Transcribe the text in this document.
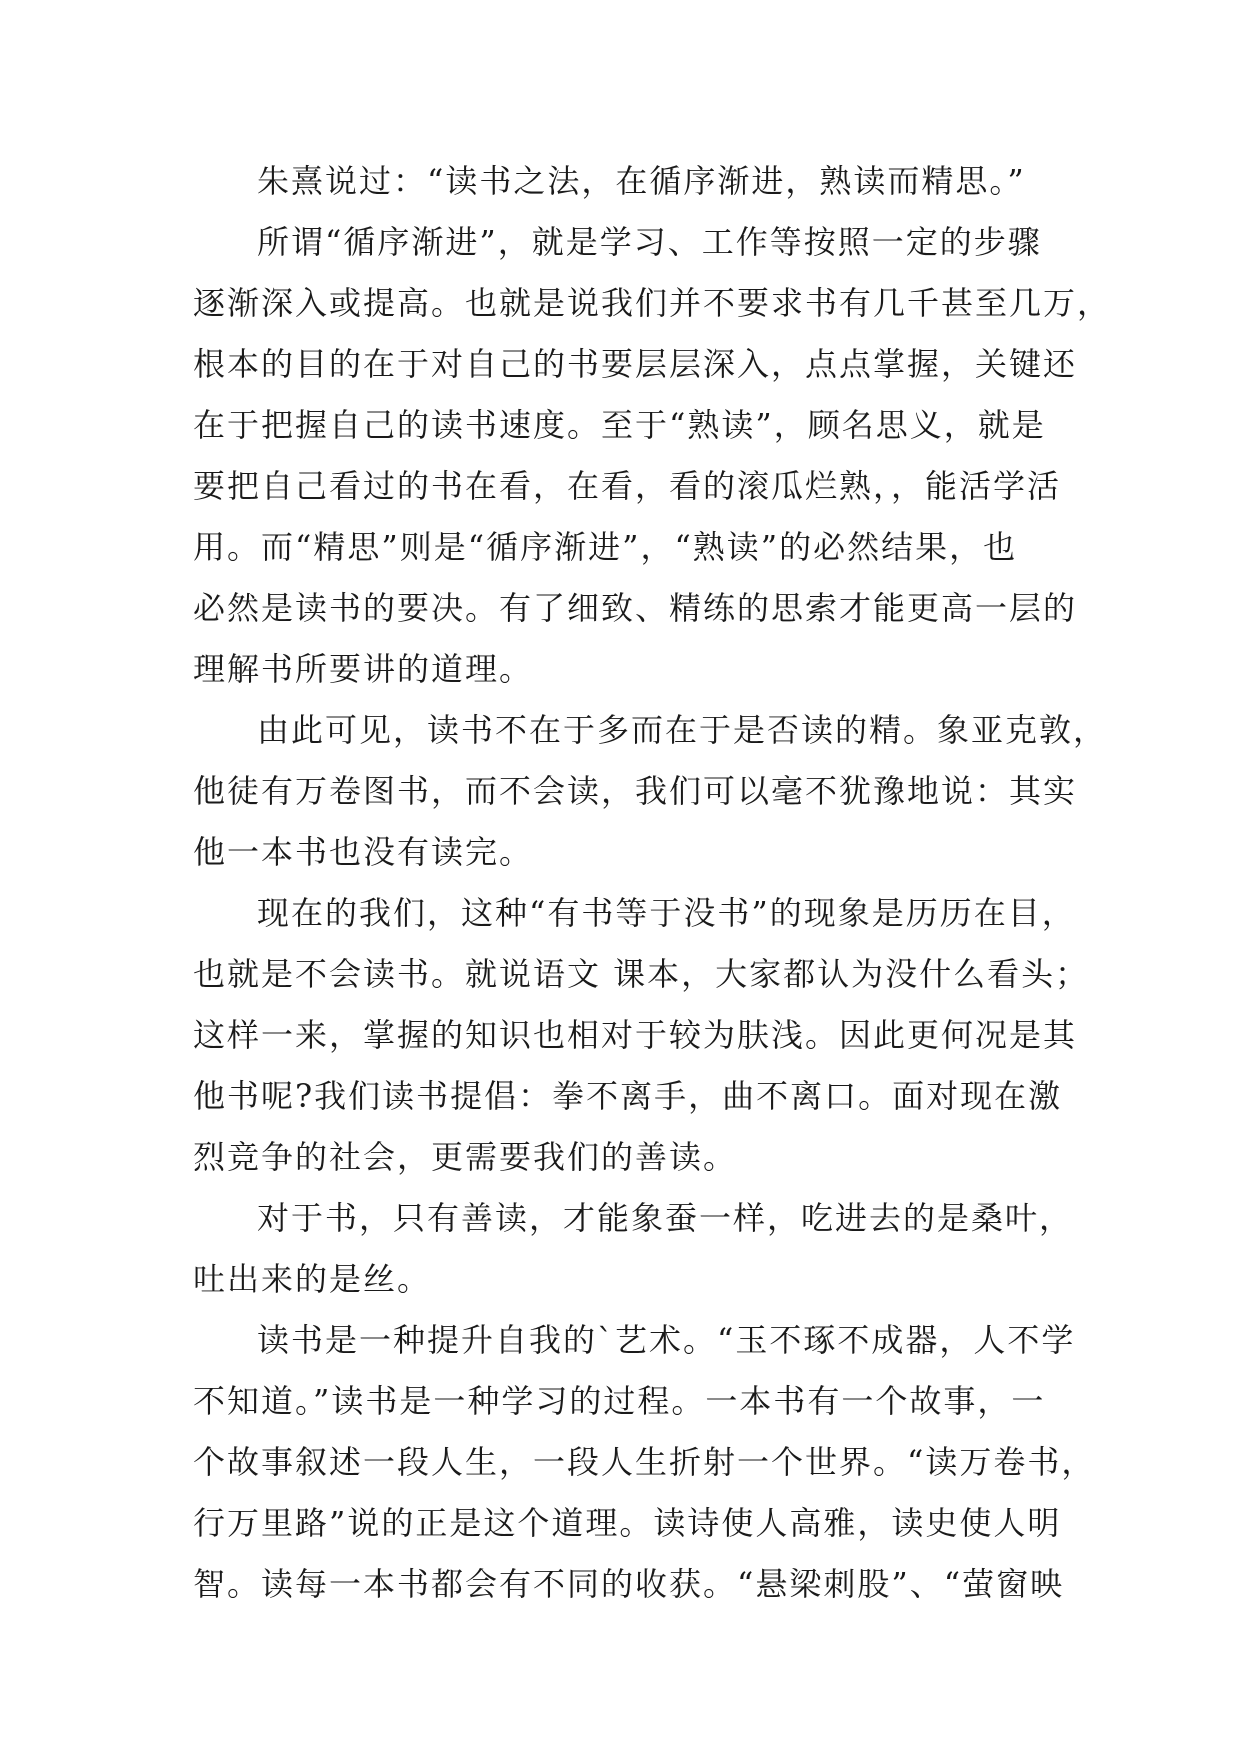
朱熹说过：“读书之法，在循序渐进，熟读而精思。”
所谓“循序渐进”，就是学习、工作等按照一定的步骤
逐渐深入或提高。也就是说我们并不要求书有几千甚至几万，
根本的目的在于对自己的书要层层深入，点点掌握，关键还
在于把握自己的读书速度。至于“熟读”，顾名思义，就是
要把自己看过的书在看，在看，看的滚瓜烂熟，，能活学活
用。而“精思”则是“循序渐进”，“熟读”的必然结果，也
必然是读书的要决。有了细致、精练的思索才能更高一层的
理解书所要讲的道理。
由此可见，读书不在于多而在于是否读的精。象亚克敦，
他徒有万卷图书，而不会读，我们可以毫不犹豫地说：其实
他一本书也没有读完。
现在的我们，这种“有书等于没书”的现象是历历在目，
也就是不会读书。就说语文 课本，大家都认为没什么看头；
这样一来，掌握的知识也相对于较为肤浅。因此更何况是其
他书呢?我们读书提倡：拳不离手，曲不离口。面对现在激
烈竞争的社会，更需要我们的善读。
对于书，只有善读，才能象蚕一样，吃进去的是桑叶，
吐出来的是丝。
读书是一种提升自我的`艺术。“玉不琢不成器，人不学
不知道。”读书是一种学习的过程。一本书有一个故事，一
个故事叙述一段人生，一段人生折射一个世界。“读万卷书，
行万里路”说的正是这个道理。读诗使人高雅，读史使人明
智。读每一本书都会有不同的收获。“悬梁刺股”、“萤窗映
